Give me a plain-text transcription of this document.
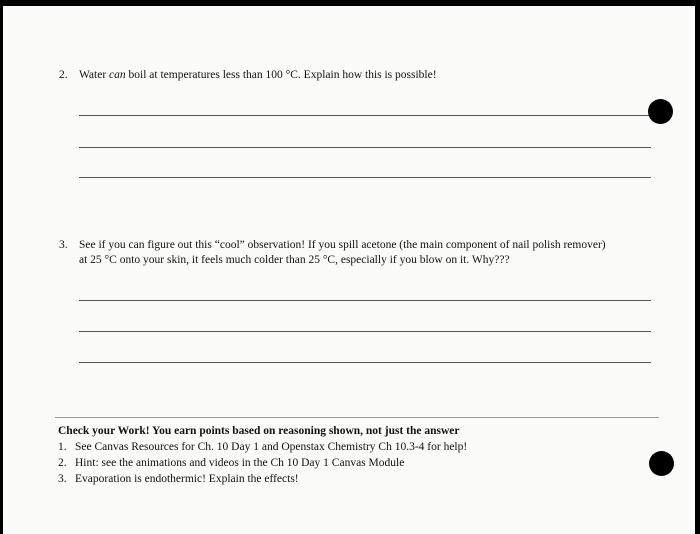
2. Water can boil at temperatures less than 100 °C. Explain how this is possible!
3. See if you can figure out this “cool” observation! If you spill acetone (the main component of nail polish remover)
at 25 °C onto your skin, it feels much colder than 25 °C, especially if you blow on it. Why???
Check your Work! You earn points based on reasoning shown, not just the answer
1. See Canvas Resources for Ch. 10 Day 1 and Openstax Chemistry Ch 10.3-4 for help!
2. Hint: see the animations and videos in the Ch 10 Day 1 Canvas Module
3. Evaporation is endothermic! Explain the effects!
